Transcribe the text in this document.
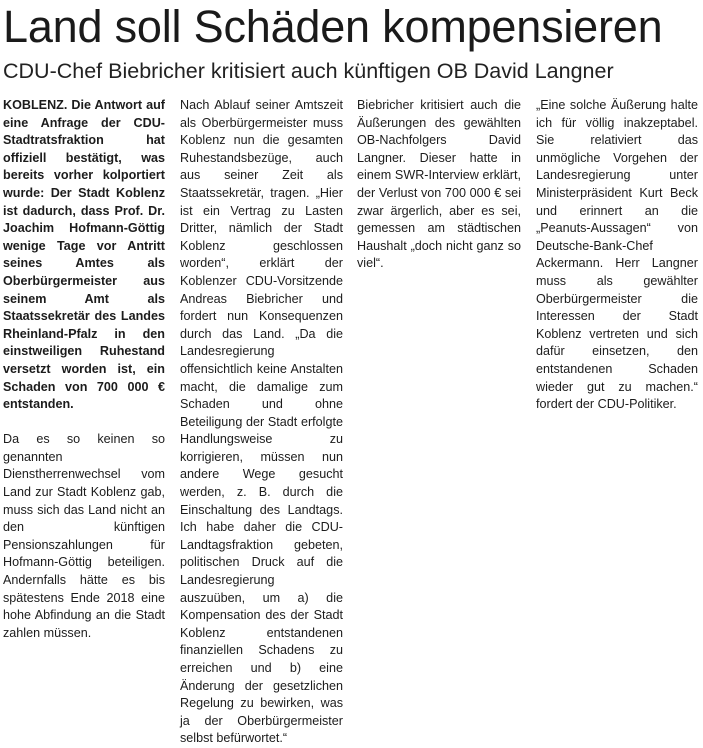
Land soll Schäden kompensieren
CDU-Chef Biebricher kritisiert auch künftigen OB David Langner

KOBLENZ. Die Antwort auf eine Anfrage der CDU-Stadtratsfraktion hat offiziell bestätigt, was bereits vorher kolportiert wurde: Der Stadt Koblenz ist dadurch, dass Prof. Dr. Joachim Hofmann-Göttig wenige Tage vor Antritt seines Amtes als Oberbürgermeister aus seinem Amt als Staatssekretär des Landes Rheinland-Pfalz in den einstweiligen Ruhestand versetzt worden ist, ein Schaden von 700 000 € entstanden.

Da es so keinen so genannten Dienstherrenwechsel vom Land zur Stadt Koblenz gab, muss sich das Land nicht an den künftigen Pensionszahlungen für Hofmann-Göttig beteiligen. Andernfalls hätte es bis spätestens Ende 2018 eine hohe Abfindung an die Stadt zahlen müssen.

Nach Ablauf seiner Amtszeit als Oberbürgermeister muss Koblenz nun die gesamten Ruhestandsbezüge, auch aus seiner Zeit als Staatssekretär, tragen. „Hier ist ein Vertrag zu Lasten Dritter, nämlich der Stadt Koblenz geschlossen worden“, erklärt der Koblenzer CDU-Vorsitzende Andreas Biebricher und fordert nun Konsequenzen durch das Land. „Da die Landesregierung offensichtlich keine Anstalten macht, die damalige zum Schaden und ohne Beteiligung der Stadt erfolgte Handlungsweise zu korrigieren, müssen nun andere Wege gesucht werden, z. B. durch die Einschaltung des Landtags. Ich habe daher die CDU-Landtagsfraktion gebeten, politischen Druck auf die Landesregierung auszuüben, um a) die Kompensation des der Stadt Koblenz entstandenen finanziellen Schadens zu erreichen und b) eine Änderung der gesetzlichen Regelung zu bewirken, was ja der Oberbürgermeister selbst befürwortet.“

Biebricher kritisiert auch die Äußerungen des gewählten OB-Nachfolgers David Langner. Dieser hatte in einem SWR-Interview erklärt, der Verlust von 700 000 € sei zwar ärgerlich, aber es sei, gemessen am städtischen Haushalt „doch nicht ganz so viel“.

„Eine solche Äußerung halte ich für völlig inakzeptabel. Sie relativiert das unmögliche Vorgehen der Landesregierung unter Ministerpräsident Kurt Beck und erinnert an die „Peanuts-Aussagen“ von Deutsche-Bank-Chef Ackermann. Herr Langner muss als gewählter Oberbürgermeister die Interessen der Stadt Koblenz vertreten und sich dafür einsetzen, den entstandenen Schaden wieder gut zu machen.“ fordert der CDU-Politiker.
